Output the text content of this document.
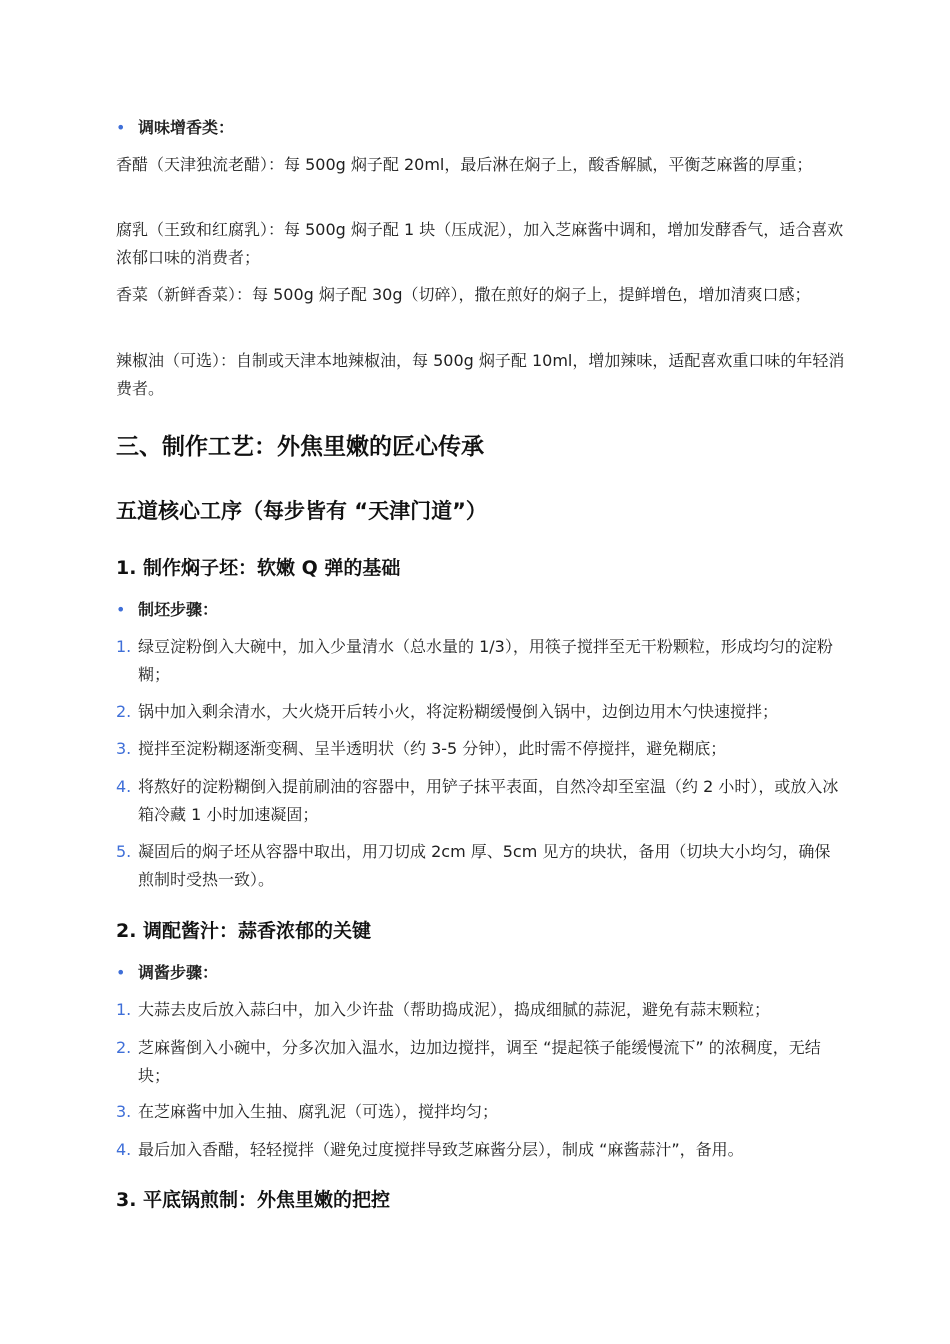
• 调味增香类：

香醋（天津独流老醋）：每 500g 焖子配 20ml，最后淋在焖子上，酸香解腻，平衡芝麻酱的厚重；

腐乳（王致和红腐乳）：每 500g 焖子配 1 块（压成泥），加入芝麻酱中调和，增加发酵香气，适合喜欢浓郁口味的消费者；

香菜（新鲜香菜）：每 500g 焖子配 30g（切碎），撒在煎好的焖子上，提鲜增色，增加清爽口感；

辣椒油（可选）：自制或天津本地辣椒油，每 500g 焖子配 10ml，增加辣味，适配喜欢重口味的年轻消费者。

三、制作工艺：外焦里嫩的匠心传承
五道核心工序（每步皆有 “天津门道”）
1. 制作焖子坯：软嫩 Q 弹的基础
• 制坯步骤：
1. 绿豆淀粉倒入大碗中，加入少量清水（总水量的 1/3），用筷子搅拌至无干粉颗粒，形成均匀的淀粉糊；
2. 锅中加入剩余清水，大火烧开后转小火，将淀粉糊缓慢倒入锅中，边倒边用木勺快速搅拌；
3. 搅拌至淀粉糊逐渐变稠、呈半透明状（约 3-5 分钟），此时需不停搅拌，避免糊底；
4. 将熬好的淀粉糊倒入提前刷油的容器中，用铲子抹平表面，自然冷却至室温（约 2 小时），或放入冰箱冷藏 1 小时加速凝固；
5. 凝固后的焖子坯从容器中取出，用刀切成 2cm 厚、5cm 见方的块状，备用（切块大小均匀，确保煎制时受热一致）。
2. 调配酱汁：蒜香浓郁的关键
• 调酱步骤：
1. 大蒜去皮后放入蒜臼中，加入少许盐（帮助捣成泥），捣成细腻的蒜泥，避免有蒜末颗粒；
2. 芝麻酱倒入小碗中，分多次加入温水，边加边搅拌，调至 “提起筷子能缓慢流下” 的浓稠度，无结块；
3. 在芝麻酱中加入生抽、腐乳泥（可选），搅拌均匀；
4. 最后加入香醋，轻轻搅拌（避免过度搅拌导致芝麻酱分层），制成 “麻酱蒜汁”，备用。
3. 平底锅煎制：外焦里嫩的把控
